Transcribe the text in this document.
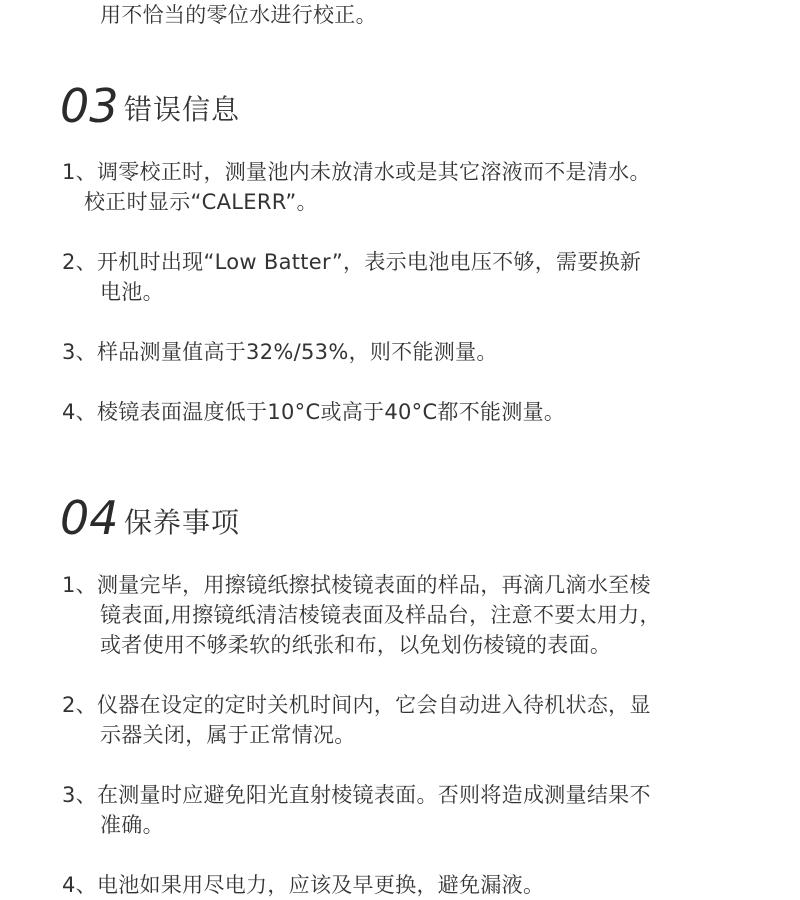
用不恰当的零位水进行校正。
03 错误信息
1、调零校正时，测量池内未放清水或是其它溶液而不是清水。
校正时显示“CALERR”。
2、开机时出现“Low Batter”，表示电池电压不够，需要换新
电池。
3、样品测量值高于32%/53%，则不能测量。
4、棱镜表面温度低于10°C或高于40°C都不能测量。
04 保养事项
1、测量完毕，用擦镜纸擦拭棱镜表面的样品，再滴几滴水至棱
镜表面,用擦镜纸清洁棱镜表面及样品台，注意不要太用力，
或者使用不够柔软的纸张和布，以免划伤棱镜的表面。
2、仪器在设定的定时关机时间内，它会自动进入待机状态，显
示器关闭，属于正常情况。
3、在测量时应避免阳光直射棱镜表面。否则将造成测量结果不
准确。
4、电池如果用尽电力，应该及早更换，避免漏液。
